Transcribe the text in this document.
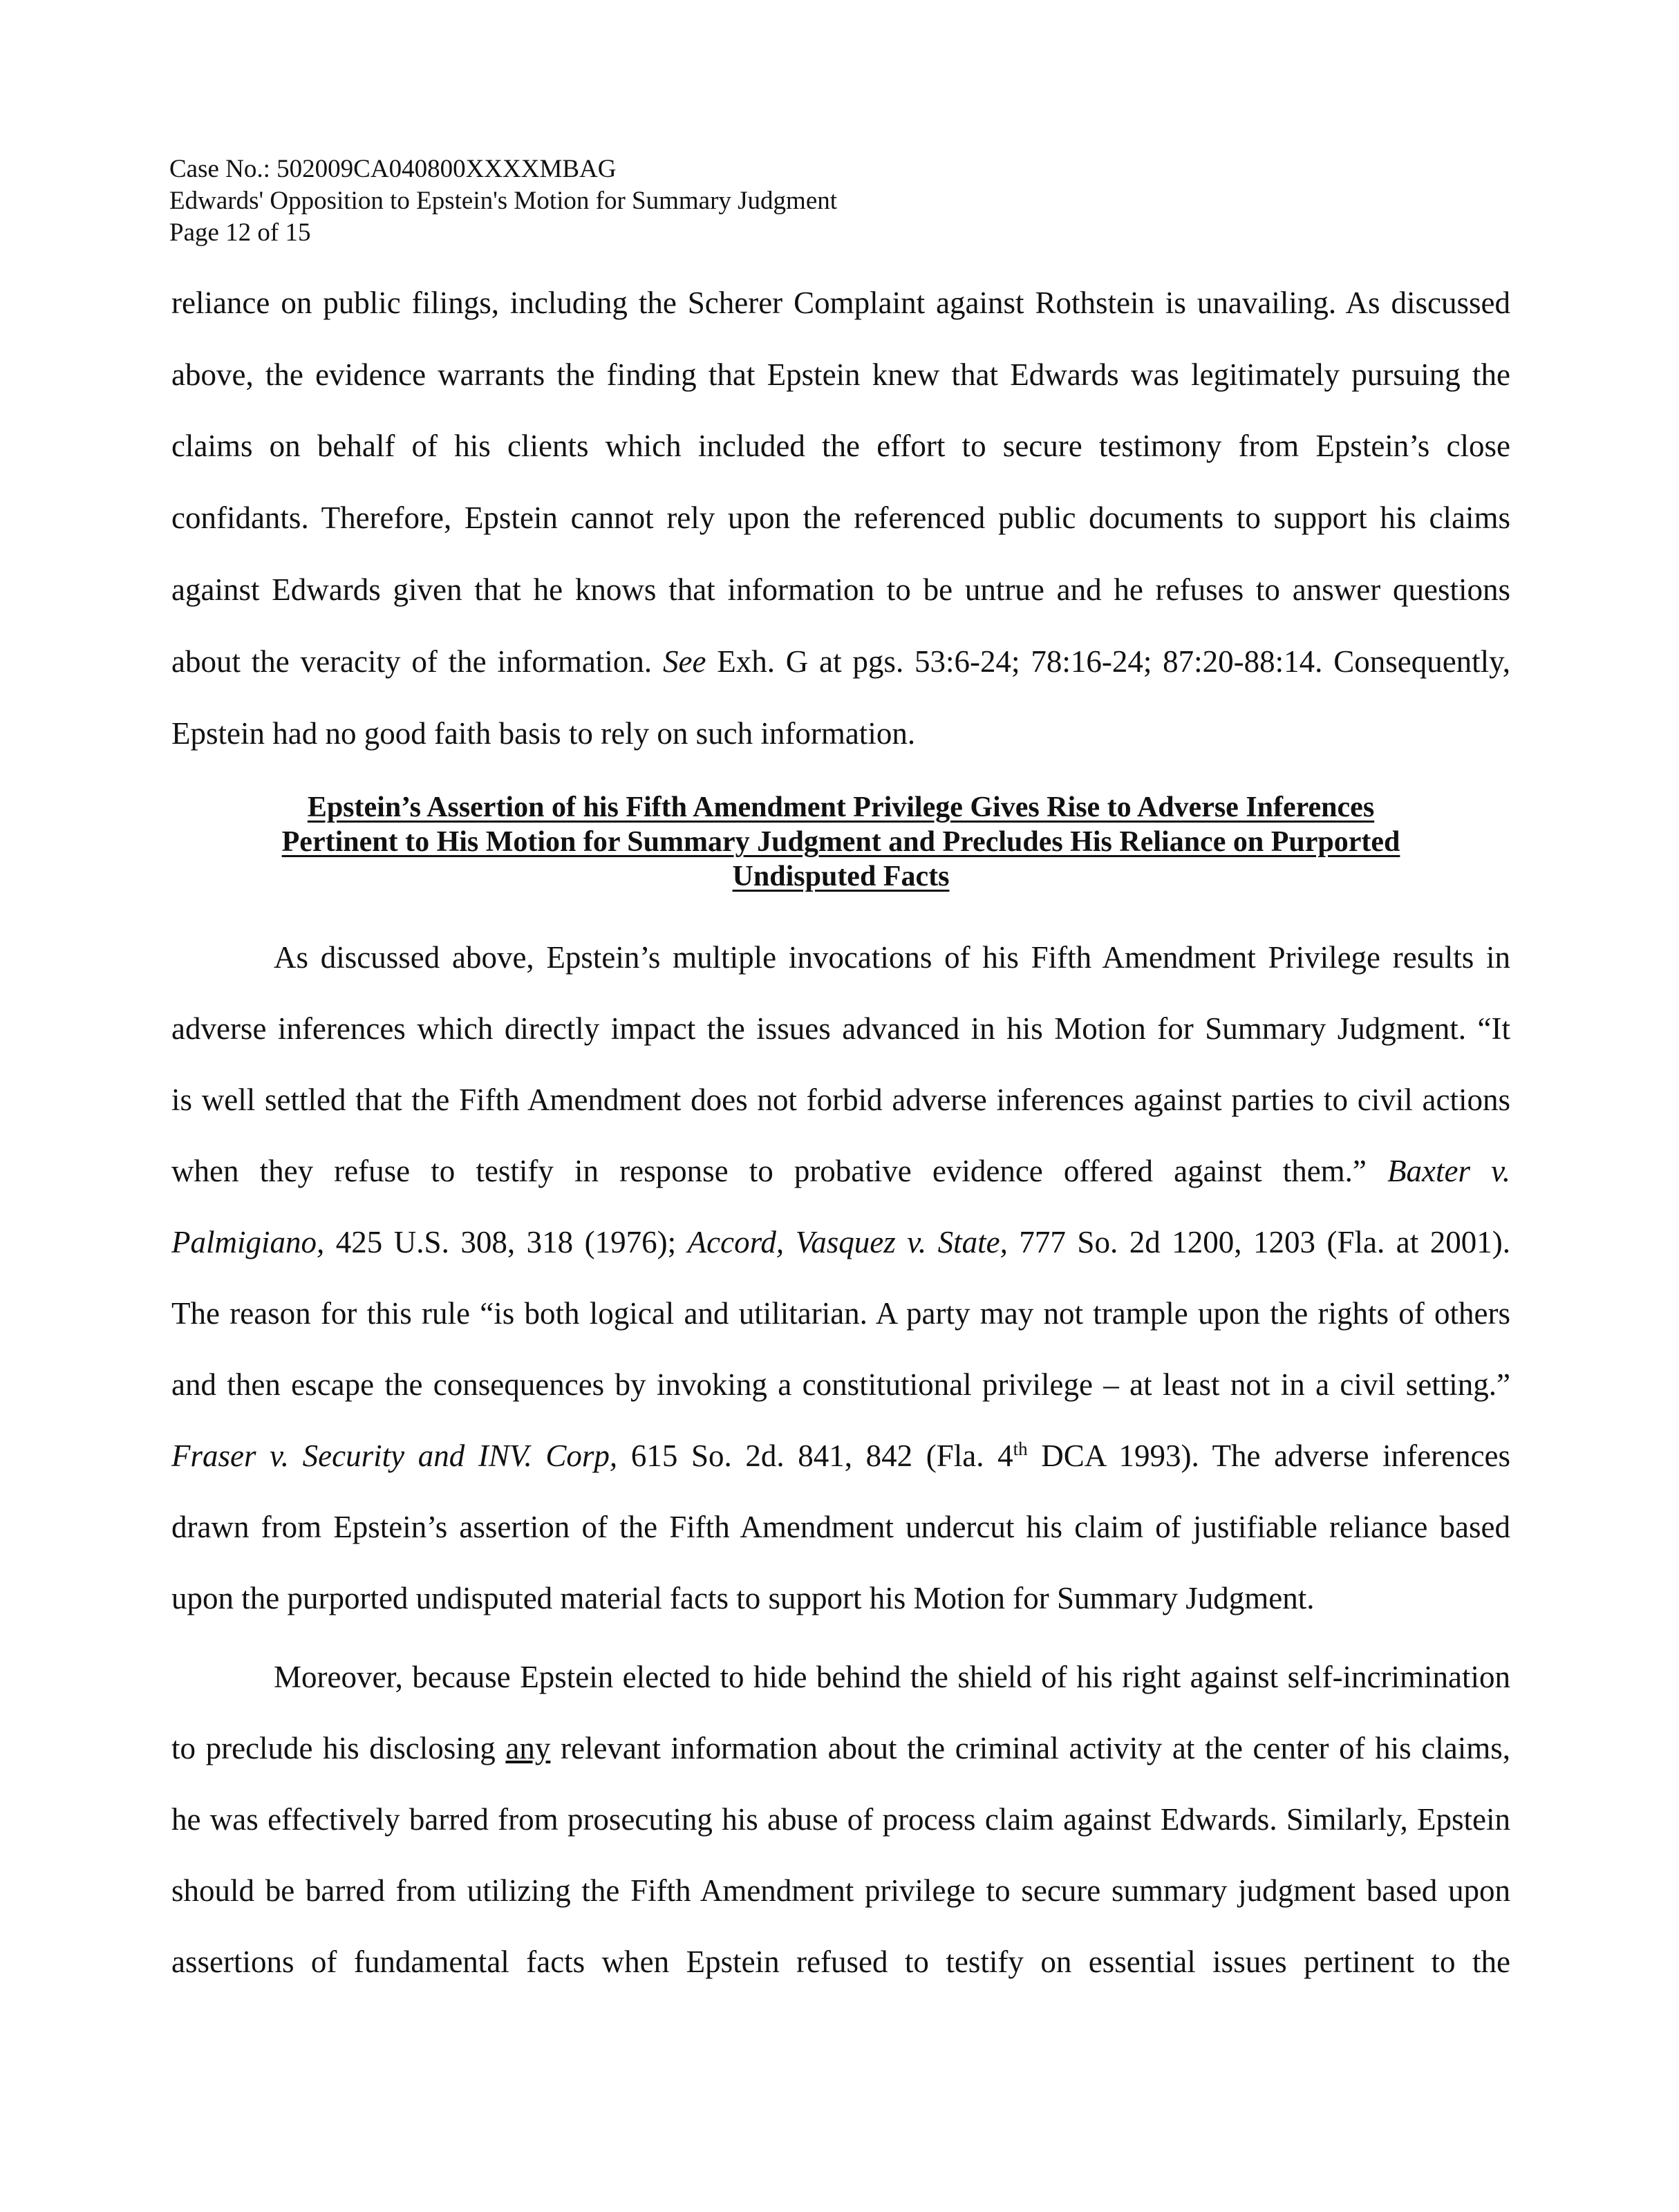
Case No.: 502009CA040800XXXXMBAG
Edwards' Opposition to Epstein's Motion for Summary Judgment
Page 12 of 15
reliance on public filings, including the Scherer Complaint against Rothstein is unavailing. As discussed
above, the evidence warrants the finding that Epstein knew that Edwards was legitimately pursuing the
claims on behalf of his clients which included the effort to secure testimony from Epstein’s close
confidants. Therefore, Epstein cannot rely upon the referenced public documents to support his claims
against Edwards given that he knows that information to be untrue and he refuses to answer questions
about the veracity of the information. See Exh. G at pgs. 53:6-24; 78:16-24; 87:20-88:14. Consequently,
Epstein had no good faith basis to rely on such information.
Epstein’s Assertion of his Fifth Amendment Privilege Gives Rise to Adverse Inferences
Pertinent to His Motion for Summary Judgment and Precludes His Reliance on Purported
Undisputed Facts
As discussed above, Epstein’s multiple invocations of his Fifth Amendment Privilege results in
adverse inferences which directly impact the issues advanced in his Motion for Summary Judgment. “It
is well settled that the Fifth Amendment does not forbid adverse inferences against parties to civil actions
when they refuse to testify in response to probative evidence offered against them.” Baxter v.
Palmigiano, 425 U.S. 308, 318 (1976); Accord, Vasquez v. State, 777 So. 2d 1200, 1203 (Fla. at 2001).
The reason for this rule “is both logical and utilitarian. A party may not trample upon the rights of others
and then escape the consequences by invoking a constitutional privilege – at least not in a civil setting.”
Fraser v. Security and INV. Corp, 615 So. 2d. 841, 842 (Fla. 4th DCA 1993). The adverse inferences
drawn from Epstein’s assertion of the Fifth Amendment undercut his claim of justifiable reliance based
upon the purported undisputed material facts to support his Motion for Summary Judgment.
Moreover, because Epstein elected to hide behind the shield of his right against self-incrimination
to preclude his disclosing any relevant information about the criminal activity at the center of his claims,
he was effectively barred from prosecuting his abuse of process claim against Edwards. Similarly, Epstein
should be barred from utilizing the Fifth Amendment privilege to secure summary judgment based upon
assertions of fundamental facts when Epstein refused to testify on essential issues pertinent to the
